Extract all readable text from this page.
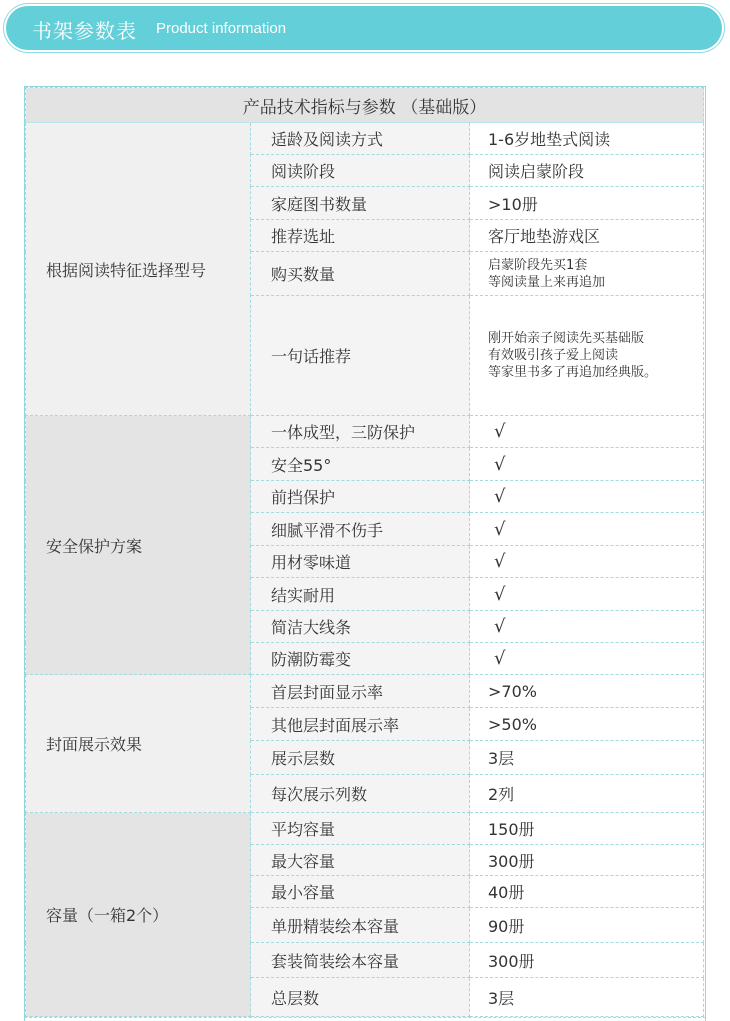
书架参数表 Product information
产品技术指标与参数 （基础版）		
根据阅读特征选择型号	适龄及阅读方式	1-6岁地垫式阅读
	阅读阶段	阅读启蒙阶段
	家庭图书数量	>10册
	推荐选址	客厅地垫游戏区
	购买数量	启蒙阶段先买1套
等阅读量上来再追加

	一句话推荐	刚开始亲子阅读先买基础版
有效吸引孩子爱上阅读
等家里书多了再追加经典版。

安全保护方案	一体成型，三防保护	√
	安全55°	√
	前挡保护	√
	细腻平滑不伤手	√
	用材零味道	√
	结实耐用	√
	简洁大线条	√
	防潮防霉变	√
封面展示效果	首层封面显示率	>70%
	其他层封面展示率	>50%
	展示层数	3层
	每次展示列数	2列
容量（一箱2个）	平均容量	150册
	最大容量	300册
	最小容量	40册
	单册精装绘本容量	90册
	套装简装绘本容量	300册
	总层数	3层
